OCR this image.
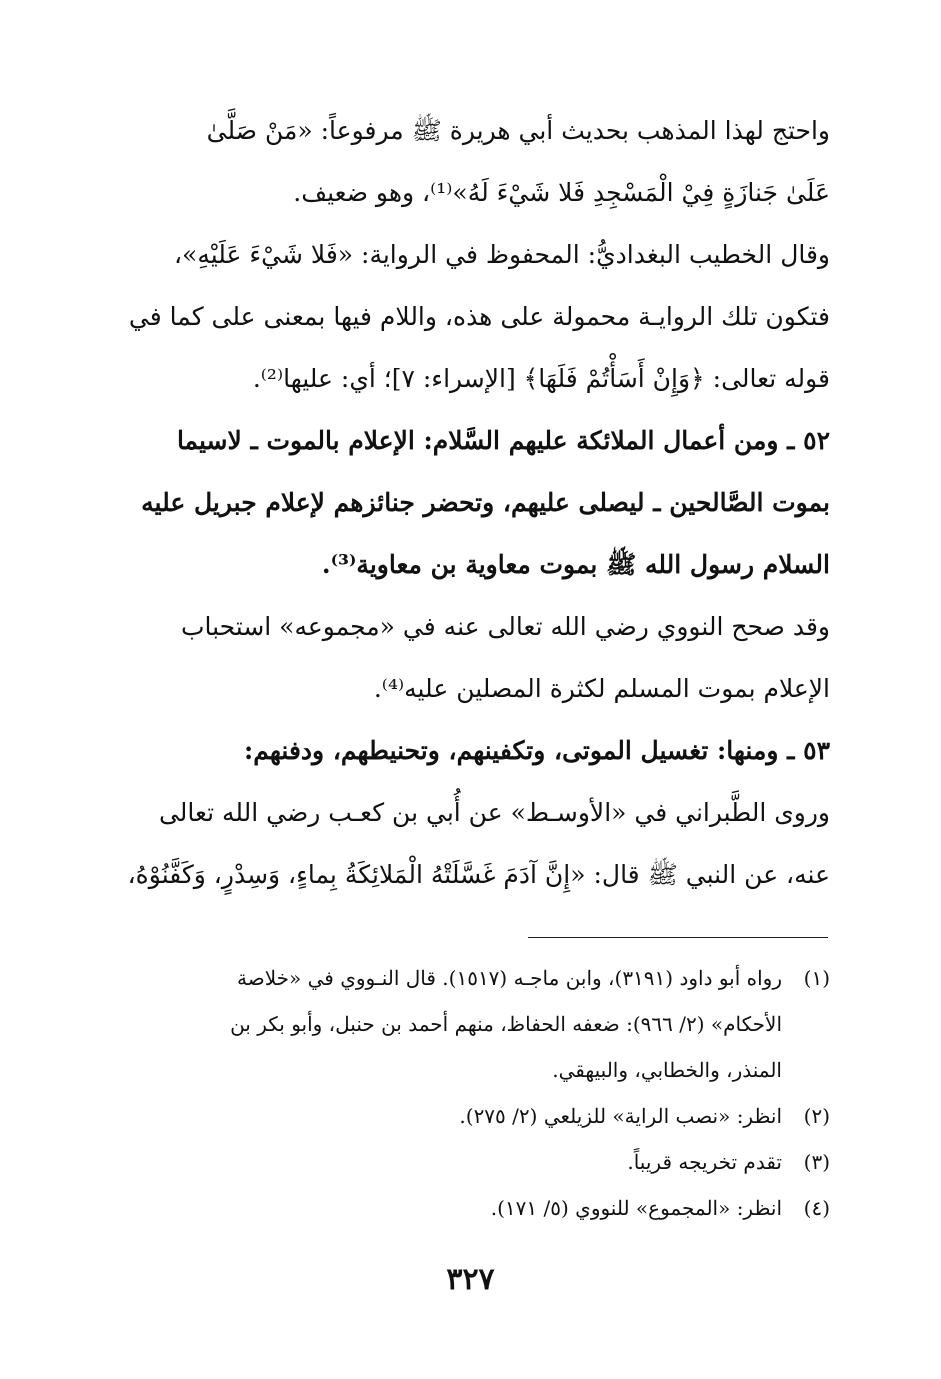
واحتج لهذا المذهب بحديث أبي هريرة ﷺ مرفوعاً: «مَنْ صَلَّىٰ
عَلَىٰ جَنازَةٍ فِيْ الْمَسْجِدِ فَلا شَيْءَ لَهُ»⁽¹⁾، وهو ضعيف.
وقال الخطيب البغداديُّ: المحفوظ في الرواية: «فَلا شَيْءَ عَلَيْهِ»،
فتكون تلك الروايـة محمولة على هذه، واللام فيها بمعنى على كما في
قوله تعالى: ﴿وَإِنْ أَسَأْتُمْ فَلَهَا﴾ [الإسراء: ٧]؛ أي: عليها⁽²⁾.
٥٢ ـ ومن أعمال الملائكة عليهم السَّلام: الإعلام بالموت ـ لاسيما
بموت الصَّالحين ـ ليصلى عليهم، وتحضر جنائزهم لإعلام جبريل عليه
السلام رسول الله ﷺ بموت معاوية بن معاوية⁽³⁾.
وقد صحح النووي رضي الله تعالى عنه في «مجموعه» استحباب
الإعلام بموت المسلم لكثرة المصلين عليه⁽⁴⁾.
٥٣ ـ ومنها: تغسيل الموتى، وتكفينهم، وتحنيطهم، ودفنهم:
وروى الطَّبراني في «الأوسـط» عن أُبي بن كعـب رضي الله تعالى
عنه، عن النبي ﷺ قال: «إِنَّ آدَمَ غَسَّلَتْهُ الْمَلائِكَةُ بِماءٍ، وَسِدْرٍ، وَكَفَّنُوْهُ،
(١)رواه أبو داود (٣١٩١)، وابن ماجـه (١٥١٧). قال النـووي في «خلاصة
الأحكام» (٢/ ٩٦٦): ضعفه الحفاظ، منهم أحمد بن حنبل، وأبو بكر بن
المنذر، والخطابي، والبيهقي.
(٢)انظر: «نصب الراية» للزيلعي (٢/ ٢٧٥).
(٣)تقدم تخريجه قريباً.
(٤)انظر: «المجموع» للنووي (٥/ ١٧١).
٣٢٧
